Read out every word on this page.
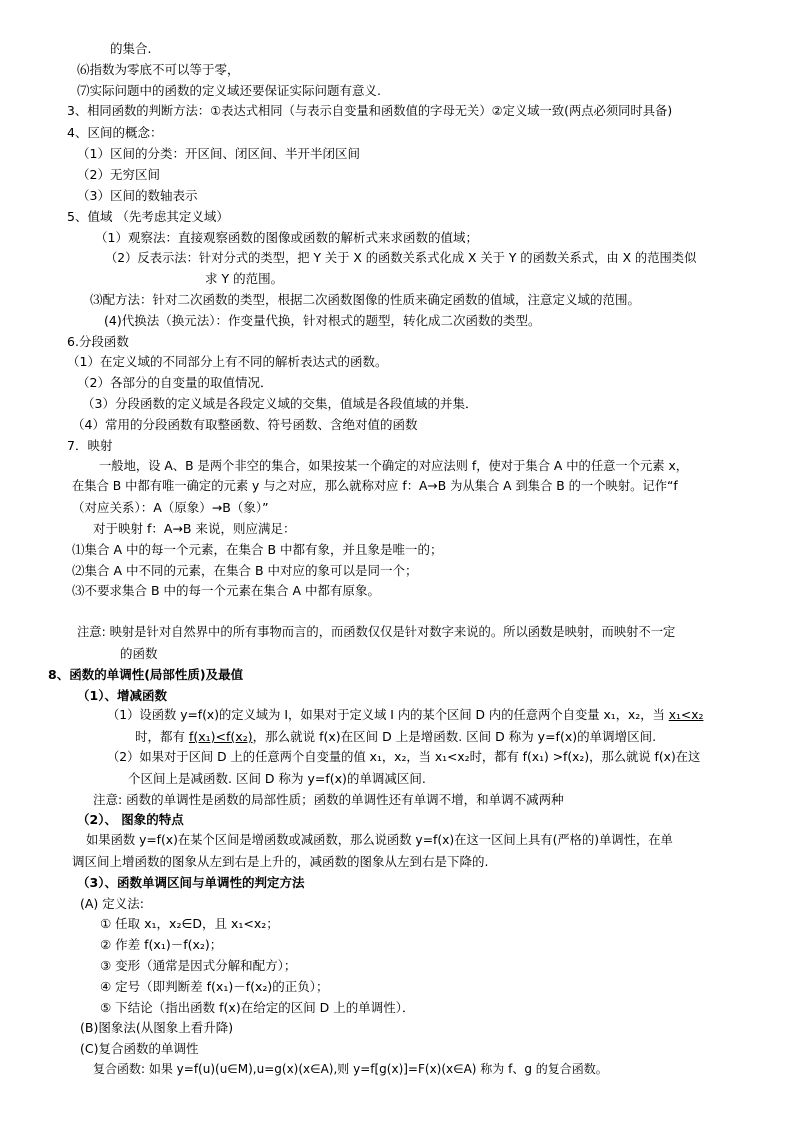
的集合.
⑹指数为零底不可以等于零，
⑺实际问题中的函数的定义域还要保证实际问题有意义.
3、相同函数的判断方法：①表达式相同（与表示自变量和函数值的字母无关）②定义域一致(两点必须同时具备)
4、区间的概念：
（1）区间的分类：开区间、闭区间、半开半闭区间
（2）无穷区间
（3）区间的数轴表示
5、值域 （先考虑其定义域）
（1）观察法：直接观察函数的图像或函数的解析式来求函数的值域；
（2）反表示法：针对分式的类型，把 Y 关于 X 的函数关系式化成 X 关于 Y 的函数关系式，由 X 的范围类似
求 Y 的范围。
⑶配方法：针对二次函数的类型，根据二次函数图像的性质来确定函数的值域，注意定义域的范围。
(4)代换法（换元法）：作变量代换，针对根式的题型，转化成二次函数的类型。
6.分段函数
（1）在定义域的不同部分上有不同的解析表达式的函数。
（2）各部分的自变量的取值情况．
（3）分段函数的定义域是各段定义域的交集，值域是各段值域的并集．
（4）常用的分段函数有取整函数、符号函数、含绝对值的函数
7．映射
一般地，设 A、B 是两个非空的集合，如果按某一个确定的对应法则 f，使对于集合 A 中的任意一个元素 x，
在集合 B 中都有唯一确定的元素 y 与之对应，那么就称对应 f：A→B 为从集合 A 到集合 B 的一个映射。记作“f
（对应关系）：A（原象）→B（象）”
对于映射 f：A→B 来说，则应满足：
⑴集合 A 中的每一个元素，在集合 B 中都有象，并且象是唯一的；
⑵集合 A 中不同的元素，在集合 B 中对应的象可以是同一个；
⑶不要求集合 B 中的每一个元素在集合 A 中都有原象。
注意: 映射是针对自然界中的所有事物而言的，而函数仅仅是针对数字来说的。所以函数是映射，而映射不一定
的函数
8、函数的单调性(局部性质)及最值
（1）、增减函数
（1）设函数 y=f(x)的定义域为 I，如果对于定义域 I 内的某个区间 D 内的任意两个自变量 x₁，x₂，当 x₁<x₂
时，都有 f(x₁)<f(x₂)，那么就说 f(x)在区间 D 上是增函数. 区间 D 称为 y=f(x)的单调增区间.
（2）如果对于区间 D 上的任意两个自变量的值 x₁，x₂，当 x₁<x₂时，都有 f(x₁) >f(x₂)，那么就说 f(x)在这
个区间上是减函数. 区间 D 称为 y=f(x)的单调减区间.
注意: 函数的单调性是函数的局部性质；函数的单调性还有单调不增，和单调不减两种
（2）、 图象的特点
如果函数 y=f(x)在某个区间是增函数或减函数，那么说函数 y=f(x)在这一区间上具有(严格的)单调性，在单
调区间上增函数的图象从左到右是上升的，减函数的图象从左到右是下降的.
（3）、函数单调区间与单调性的判定方法
(A) 定义法:
① 任取 x₁，x₂∈D，且 x₁<x₂；
② 作差 f(x₁)－f(x₂)；
③ 变形（通常是因式分解和配方）；
④ 定号（即判断差 f(x₁)－f(x₂)的正负）；
⑤ 下结论（指出函数 f(x)在给定的区间 D 上的单调性）．
(B)图象法(从图象上看升降)
(C)复合函数的单调性
复合函数: 如果 y=f(u)(u∈M),u=g(x)(x∈A),则 y=f[g(x)]=F(x)(x∈A) 称为 f、g 的复合函数。
